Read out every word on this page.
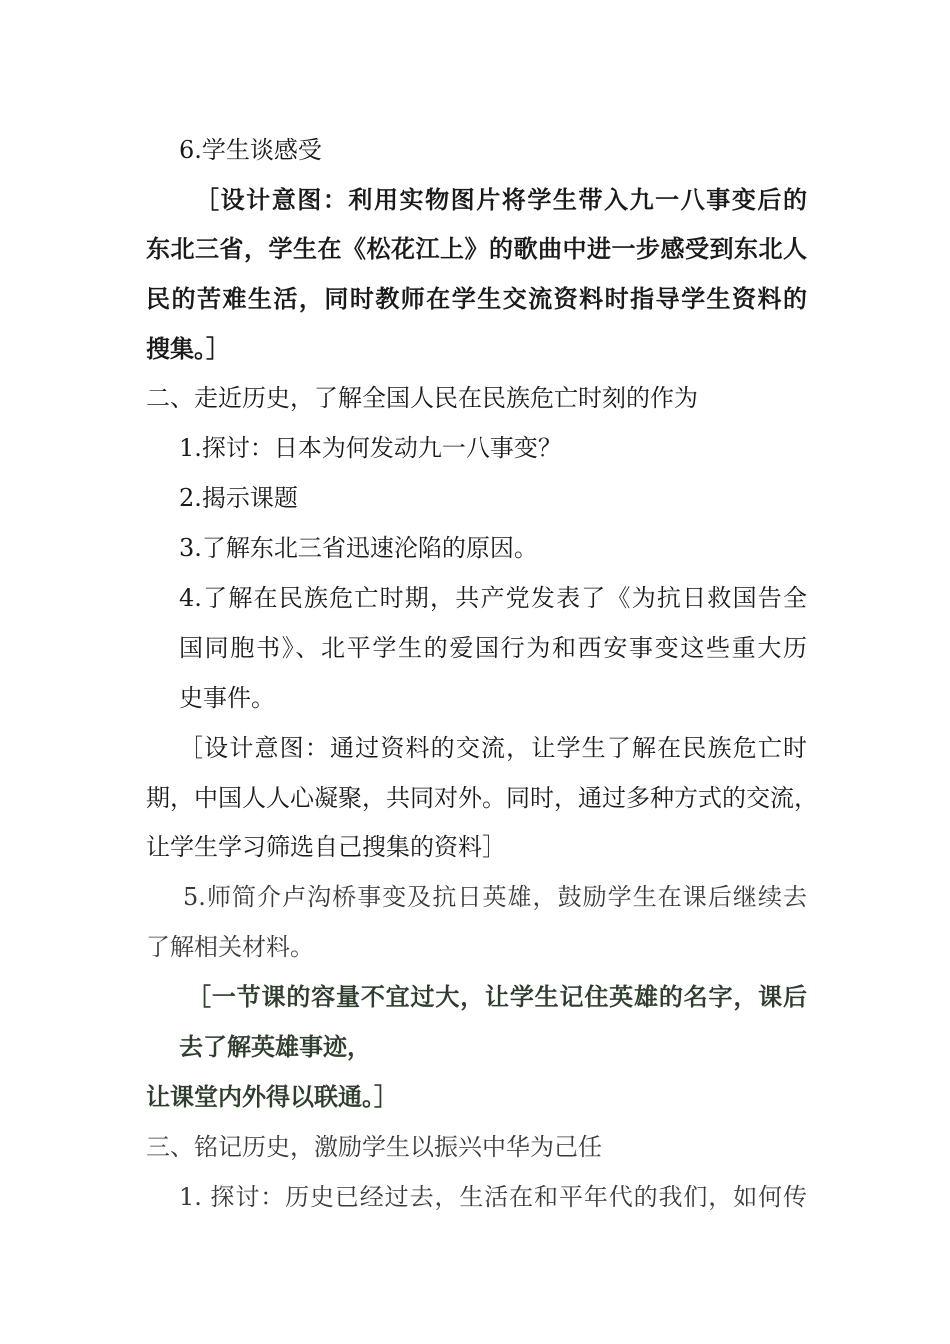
6.学生谈感受
［设计意图：利用实物图片将学生带入九一八事变后的
东北三省，学生在《松花江上》的歌曲中进一步感受到东北人
民的苦难生活，同时教师在学生交流资料时指导学生资料的
搜集。］
二、走近历史，了解全国人民在民族危亡时刻的作为
1.探讨：日本为何发动九一八事变？
2.揭示课题
3.了解东北三省迅速沦陷的原因。
4.了解在民族危亡时期，共产党发表了《为抗日救国告全
国同胞书》、北平学生的爱国行为和西安事变这些重大历
史事件。
［设计意图：通过资料的交流，让学生了解在民族危亡时
期，中国人人心凝聚，共同对外。同时，通过多种方式的交流，
让学生学习筛选自己搜集的资料］
5.师简介卢沟桥事变及抗日英雄，鼓励学生在课后继续去
了解相关材料。
［一节课的容量不宜过大，让学生记住英雄的名字，课后
去了解英雄事迹，
让课堂内外得以联通。］
三、铭记历史，激励学生以振兴中华为己任
1. 探讨：历史已经过去，生活在和平年代的我们，如何传
